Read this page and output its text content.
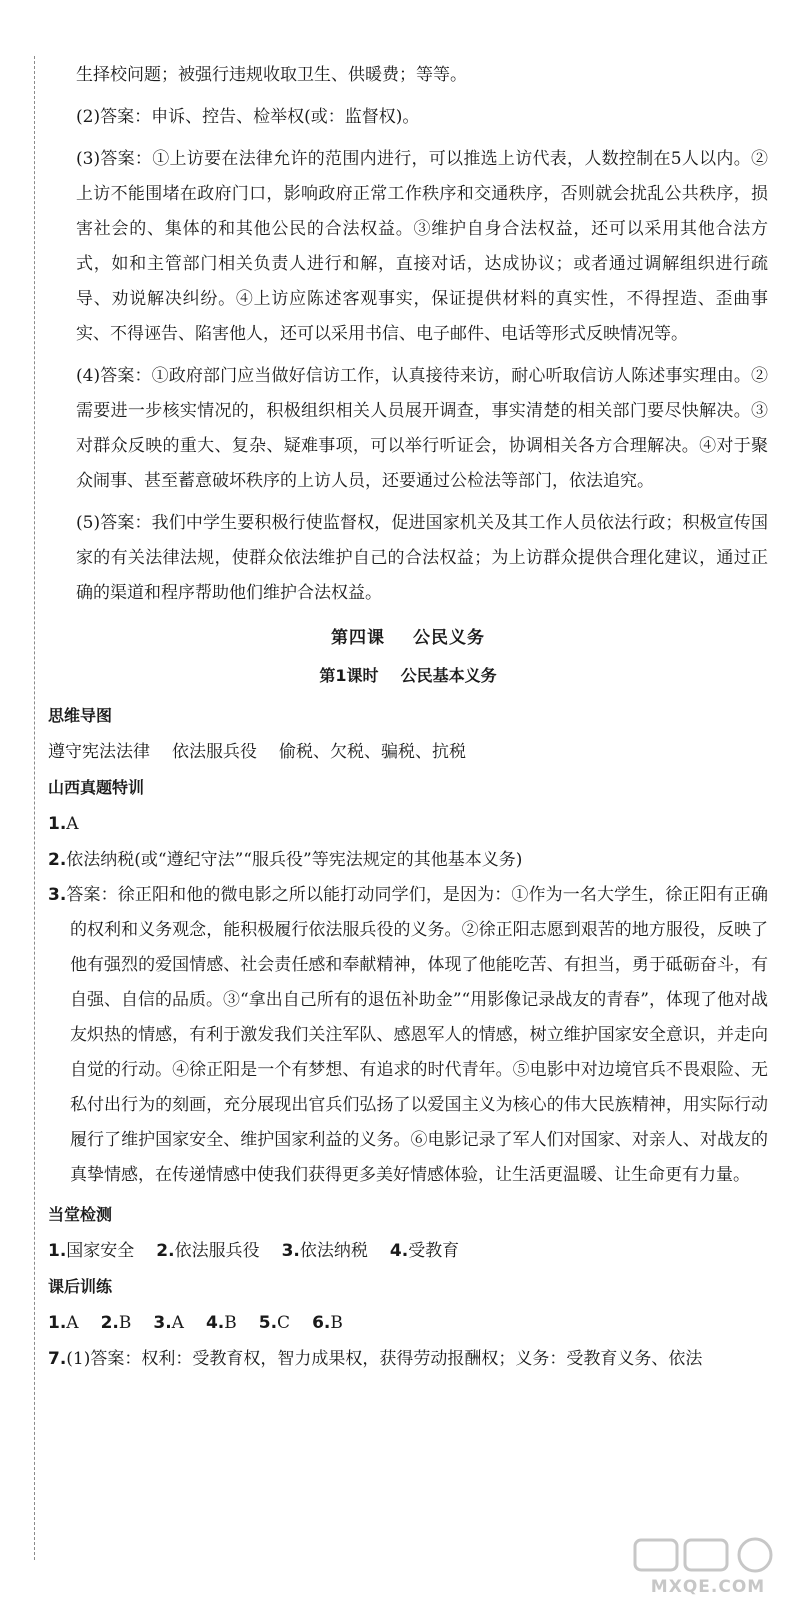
生择校问题；被强行违规收取卫生、供暖费；等等。

(2)答案：申诉、控告、检举权(或：监督权)。

(3)答案：①上访要在法律允许的范围内进行，可以推选上访代表，人数控制在5人以内。②上访不能围堵在政府门口，影响政府正常工作秩序和交通秩序，否则就会扰乱公共秩序，损害社会的、集体的和其他公民的合法权益。③维护自身合法权益，还可以采用其他合法方式，如和主管部门相关负责人进行和解，直接对话，达成协议；或者通过调解组织进行疏导、劝说解决纠纷。④上访应陈述客观事实，保证提供材料的真实性，不得捏造、歪曲事实、不得诬告、陷害他人，还可以采用书信、电子邮件、电话等形式反映情况等。

(4)答案：①政府部门应当做好信访工作，认真接待来访，耐心听取信访人陈述事实理由。②需要进一步核实情况的，积极组织相关人员展开调查，事实清楚的相关部门要尽快解决。③对群众反映的重大、复杂、疑难事项，可以举行听证会，协调相关各方合理解决。④对于聚众闹事、甚至蓄意破坏秩序的上访人员，还要通过公检法等部门，依法追究。

(5)答案：我们中学生要积极行使监督权，促进国家机关及其工作人员依法行政；积极宣传国家的有关法律法规，使群众依法维护自己的合法权益；为上访群众提供合理化建议，通过正确的渠道和程序帮助他们维护合法权益。

第四课 公民义务
第1课时 公民基本义务
思维导图
遵守宪法法律 依法服兵役 偷税、欠税、骗税、抗税
山西真题特训
1.A
2.依法纳税(或“遵纪守法”“服兵役”等宪法规定的其他基本义务)

3.答案：徐正阳和他的微电影之所以能打动同学们，是因为：①作为一名大学生，徐正阳有正确的权利和义务观念，能积极履行依法服兵役的义务。②徐正阳志愿到艰苦的地方服役，反映了他有强烈的爱国情感、社会责任感和奉献精神，体现了他能吃苦、有担当，勇于砥砺奋斗，有自强、自信的品质。③“拿出自己所有的退伍补助金”“用影像记录战友的青春”，体现了他对战友炽热的情感，有利于激发我们关注军队、感恩军人的情感，树立维护国家安全意识，并走向自觉的行动。④徐正阳是一个有梦想、有追求的时代青年。⑤电影中对边境官兵不畏艰险、无私付出行为的刻画，充分展现出官兵们弘扬了以爱国主义为核心的伟大民族精神，用实际行动履行了维护国家安全、维护国家利益的义务。⑥电影记录了军人们对国家、对亲人、对战友的真挚情感，在传递情感中使我们获得更多美好情感体验，让生活更温暖、让生命更有力量。

当堂检测
1.国家安全 2.依法服兵役 3.依法纳税 4.受教育
课后训练
1.A 2.B 3.A 4.B 5.C 6.B
7.(1)答案：权利：受教育权，智力成果权，获得劳动报酬权；义务：受教育义务、依法
MXQE.COM
